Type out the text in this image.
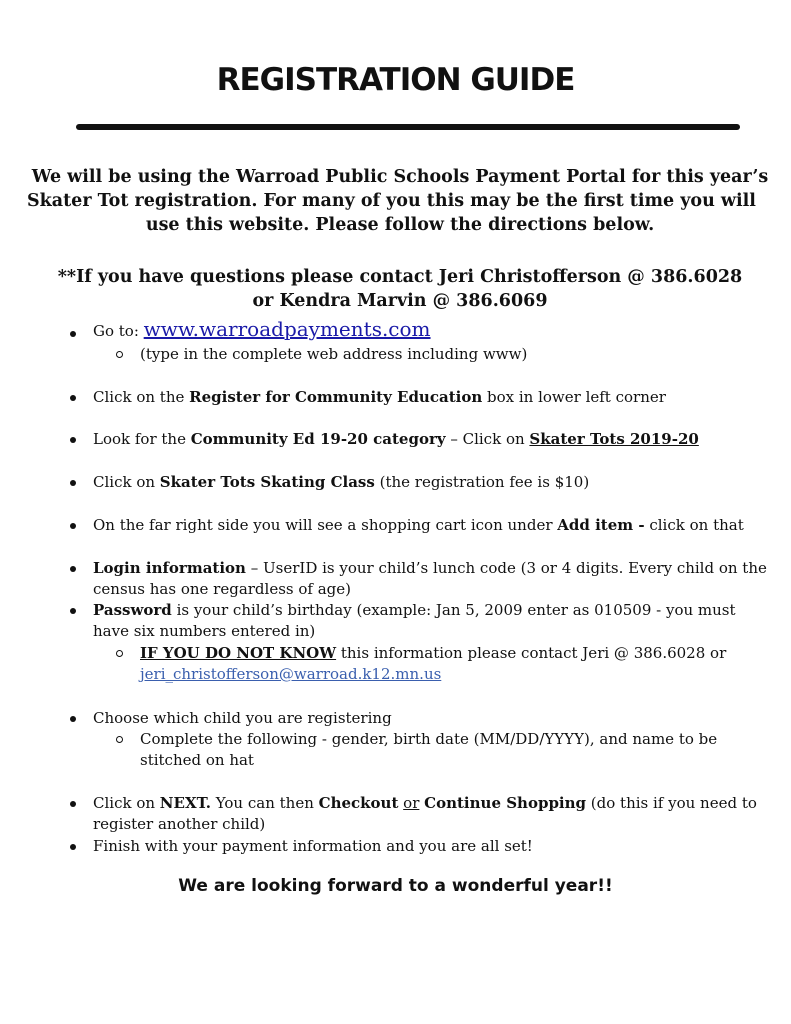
REGISTRATION GUIDE

We will be using the Warroad Public Schools Payment Portal for this year’s

Skater Tot registration. For many of you this may be the first time you will

use this website. Please follow the directions below.

**If you have questions please contact Jeri Christofferson @ 386.6028
or Kendra Marvin @ 386.6069
Go to: www.warroadpayments.com
(type in the complete web address including www)
Click on the Register for Community Education box in lower left corner
Look for the Community Ed 19-20 category – Click on Skater Tots 2019-20
Click on Skater Tots Skating Class (the registration fee is $10)
On the far right side you will see a shopping cart icon under Add item - click on that
Login information – UserID is your child’s lunch code (3 or 4 digits. Every child on the
census has one regardless of age)
Password is your child’s birthday (example: Jan 5, 2009 enter as 010509 - you must
have six numbers entered in)
IF YOU DO NOT KNOW this information please contact Jeri @ 386.6028 or
jeri_christofferson@warroad.k12.mn.us
Choose which child you are registering
Complete the following - gender, birth date (MM/DD/YYYY), and name to be
stitched on hat
Click on NEXT. You can then Checkout or Continue Shopping (do this if you need to
register another child)
Finish with your payment information and you are all set!
We are looking forward to a wonderful year!!
